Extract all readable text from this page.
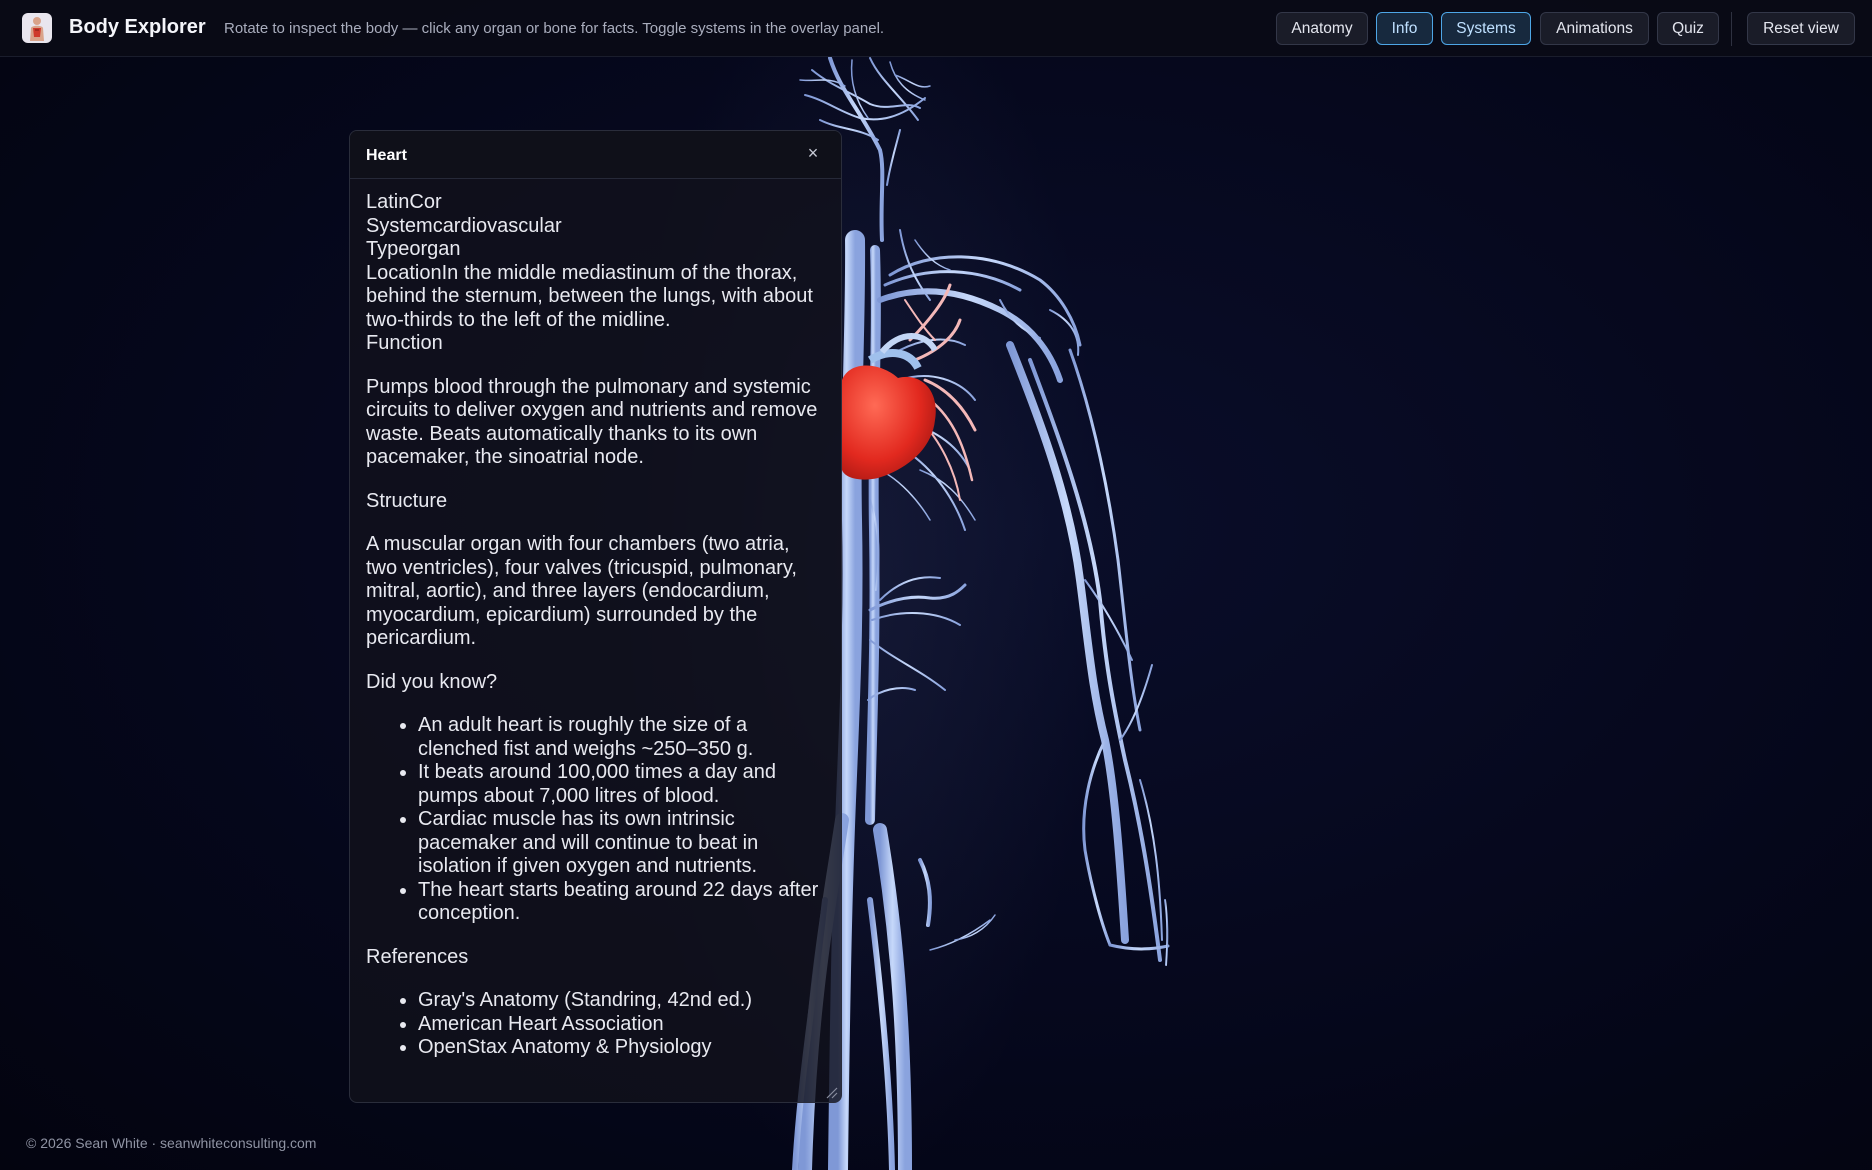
Body Explorer Rotate to inspect the body — click any organ or bone for facts. Toggle systems in the overlay panel.	Anatomy	Info	Systems	Animations	Quiz	Reset view
Heart	×
LatinCor
Systemcardiovascular
Typeorgan
LocationIn the middle mediastinum of the thorax, behind the sternum, between the lungs, with about two-thirds to the left of the midline.
Function
Pumps blood through the pulmonary and systemic circuits to deliver oxygen and nutrients and remove waste. Beats automatically thanks to its own pacemaker, the sinoatrial node.
Structure
A muscular organ with four chambers (two atria, two ventricles), four valves (tricuspid, pulmonary, mitral, aortic), and three layers (endocardium, myocardium, epicardium) surrounded by the pericardium.
Did you know?
• An adult heart is roughly the size of a clenched fist and weighs ~250–350 g.
• It beats around 100,000 times a day and pumps about 7,000 litres of blood.
• Cardiac muscle has its own intrinsic pacemaker and will continue to beat in isolation if given oxygen and nutrients.
• The heart starts beating around 22 days after conception.
References
• Gray's Anatomy (Standring, 42nd ed.)
• American Heart Association
• OpenStax Anatomy & Physiology
© 2026 Sean White · seanwhiteconsulting.com
